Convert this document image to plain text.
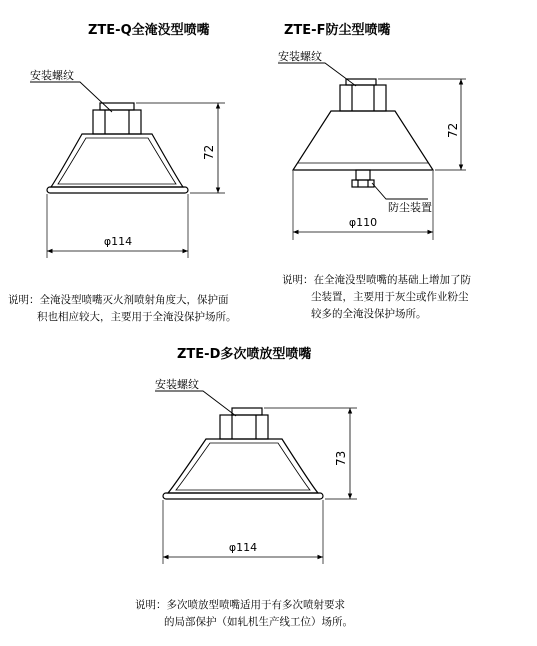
ZTE-Q全淹没型喷嘴	ZTE-F防尘型喷嘴
ZTE-D多次喷放型喷嘴
安装螺纹
72
φ114
安装螺纹
防尘装置
72
φ110
安装螺纹
73
φ114
说明：全淹没型喷嘴灭火剂喷射角度大，保护面
积也相应较大，主要用于全淹没保护场所。
说明：在全淹没型喷嘴的基础上增加了防
尘装置，主要用于灰尘或作业粉尘
较多的全淹没保护场所。
说明：多次喷放型喷嘴适用于有多次喷射要求
的局部保护（如轧机生产线工位）场所。
